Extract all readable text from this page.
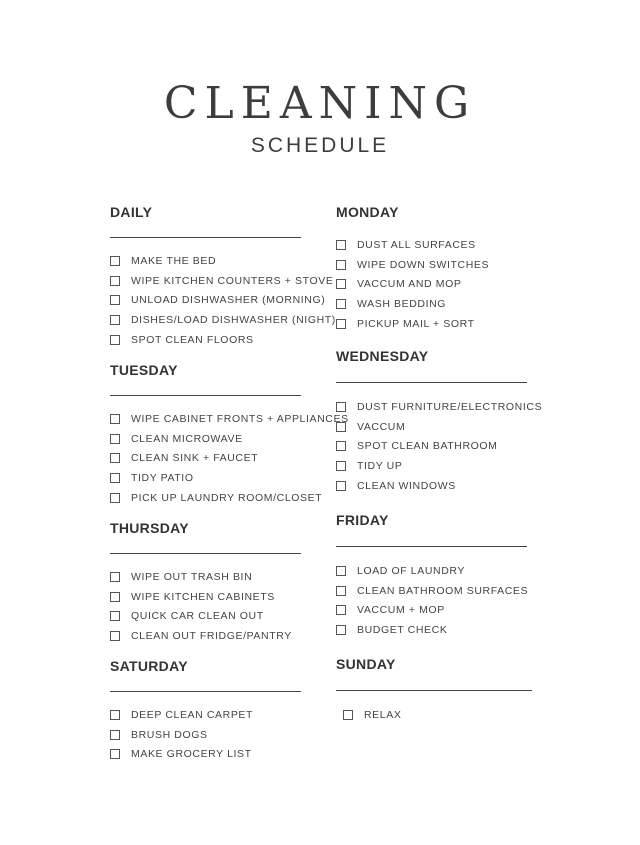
CLEANING
SCHEDULE
DAILY
MAKE THE BED
WIPE KITCHEN COUNTERS + STOVE
UNLOAD DISHWASHER (MORNING)
DISHES/LOAD DISHWASHER (NIGHT)
SPOT CLEAN FLOORS
TUESDAY
WIPE CABINET FRONTS + APPLIANCES
CLEAN MICROWAVE
CLEAN SINK + FAUCET
TIDY PATIO
PICK UP LAUNDRY ROOM/CLOSET
THURSDAY
WIPE OUT TRASH BIN
WIPE KITCHEN CABINETS
QUICK CAR CLEAN OUT
CLEAN OUT FRIDGE/PANTRY
SATURDAY
DEEP CLEAN CARPET
BRUSH DOGS
MAKE GROCERY LIST
MONDAY
DUST ALL SURFACES
WIPE DOWN SWITCHES
VACCUM AND MOP
WASH BEDDING
PICKUP MAIL + SORT
WEDNESDAY
DUST FURNITURE/ELECTRONICS
VACCUM
SPOT CLEAN BATHROOM
TIDY UP
CLEAN WINDOWS
FRIDAY
LOAD OF LAUNDRY
CLEAN BATHROOM SURFACES
VACCUM + MOP
BUDGET CHECK
SUNDAY
RELAX
